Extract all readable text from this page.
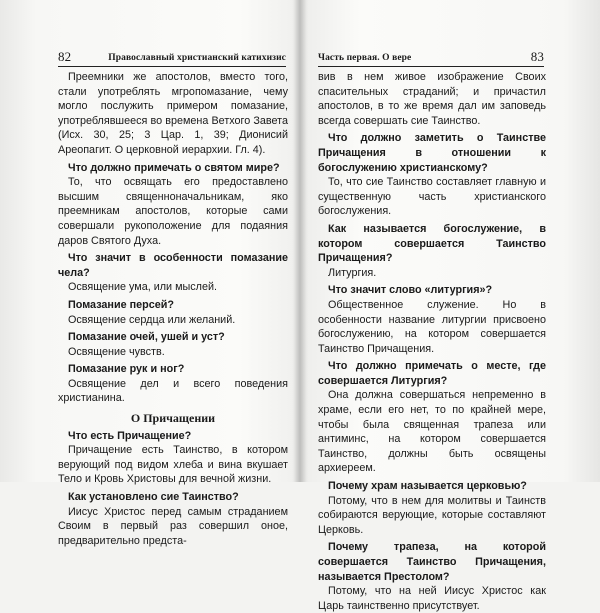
82	Православный христианский катихизис

Преемники же апостолов, вместо того, стали употреблять мгропомазание, чему могло послужить примером помазание, употреблявшееся во времена Ветхого Завета (Исх. 30, 25; 3 Цар. 1, 39; Дионисий Ареопагит. О церковной иерархии. Гл. 4).

Что должно примечать о святом мире?

То, что освящать его предоставлено высшим священноначальникам, яко преемникам апостолов, которые сами совершали рукоположение для подаяния даров Святого Духа.

Что значит в особенности помазание чела?

Освящение ума, или мыслей.

Помазание персей?

Освящение сердца или желаний.

Помазание очей, ушей и уст?

Освящение чувств.

Помазание рук и ног?

Освящение дел и всего поведения христианина.

О Причащении

Что есть Причащение?

Причащение есть Таинство, в котором верующий под видом хлеба и вина вкушает Тело и Кровь Христовы для вечной жизни.

Как установлено сие Таинство?

Иисус Христос перед самым страданием Своим в первый раз совершил оное, предварительно предста-

Часть первая. О вере	83

вив в нем живое изображение Своих спасительных страданий; и причастил апостолов, в то же время дал им заповедь всегда совершать сие Таинство.

Что должно заметить о Таинстве Причащения в отношении к богослужению христианскому?

То, что сие Таинство составляет главную и существенную часть христианского богослужения.

Как называется богослужение, в котором совершается Таинство Причащения?

Литургия.

Что значит слово «литургия»?

Общественное служение. Но в особенности название литургии присвоено богослужению, на котором совершается Таинство Причащения.

Что должно примечать о месте, где совершается Литургия?

Она должна совершаться непременно в храме, если его нет, то по крайней мере, чтобы была священная трапеза или антиминс, на котором совершается Таинство, должны быть освящены архиереем.

Почему храм называется церковью?

Потому, что в нем для молитвы и Таинств собираются верующие, которые составляют Церковь.

Почему трапеза, на которой совершается Таинство Причащения, называется Престолом?

Потому, что на ней Иисус Христос как Царь таинственно присутствует.
